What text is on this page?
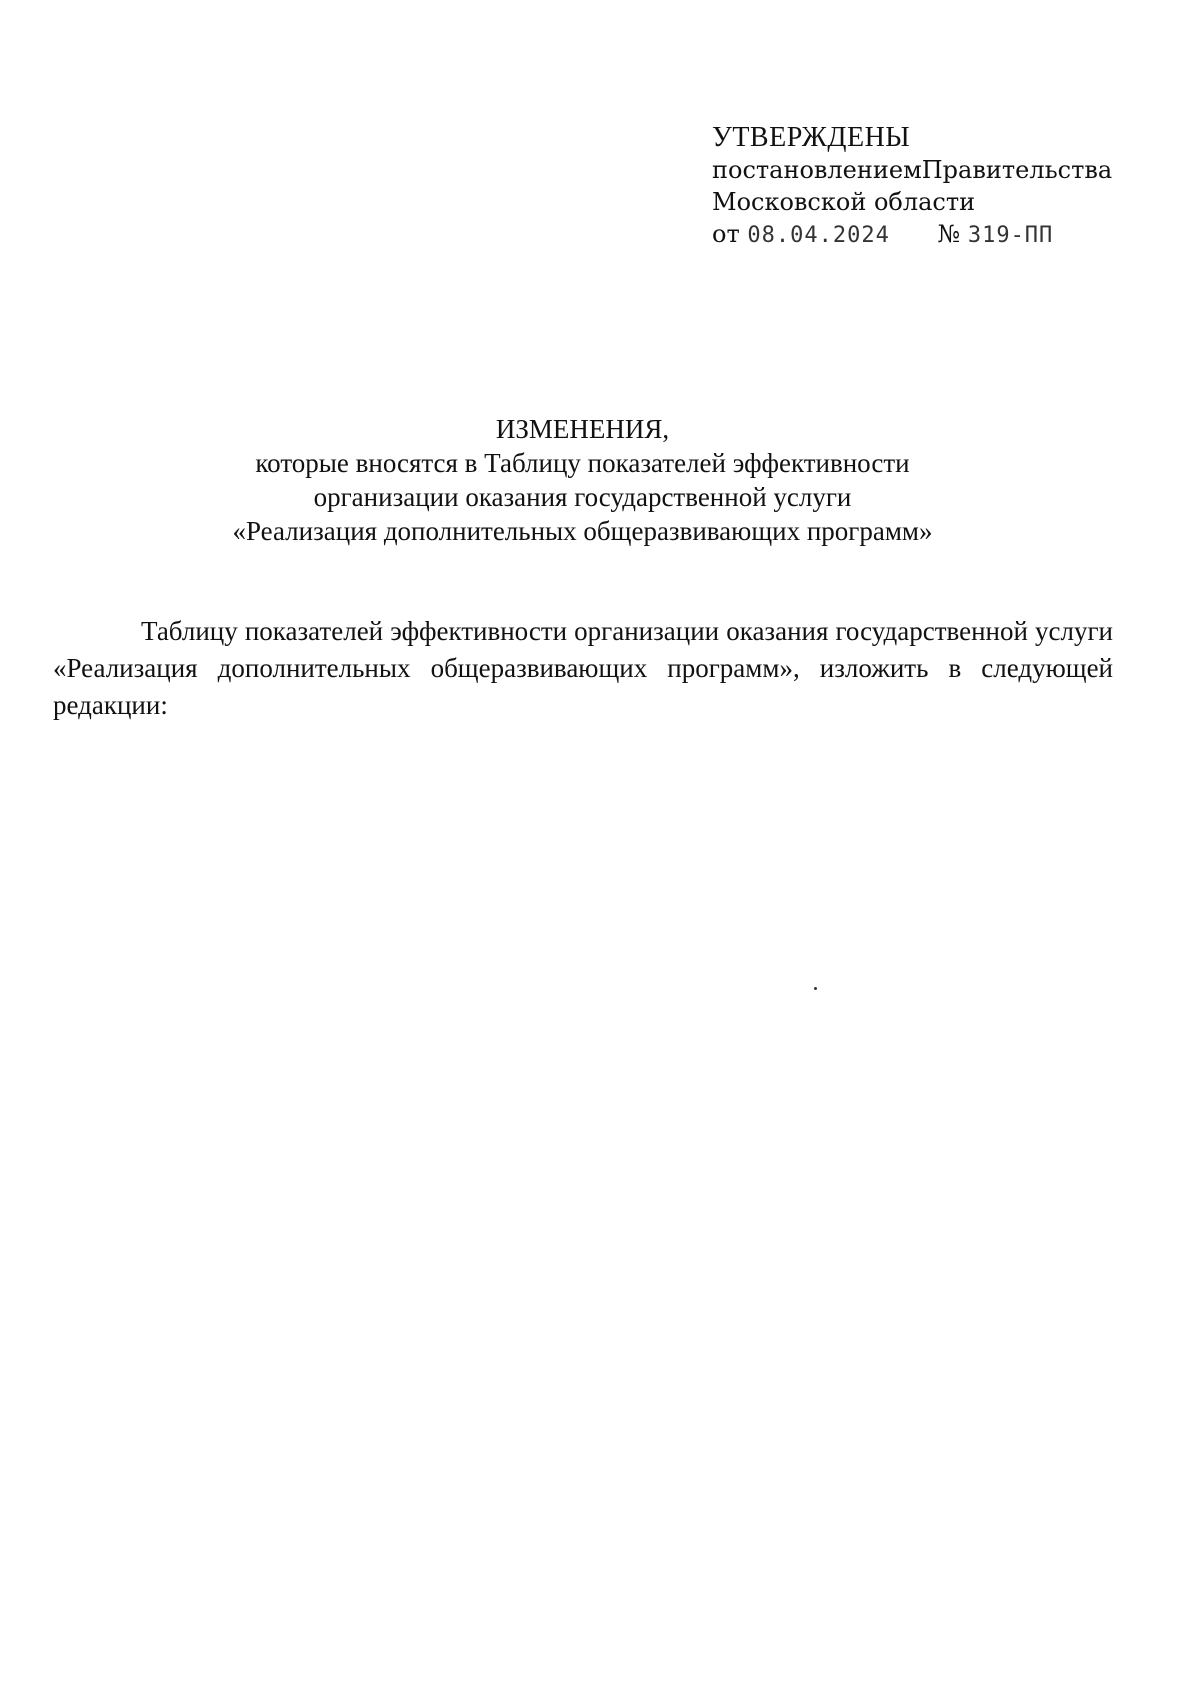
УТВЕРЖДЕНЫ
постановлением Правительства
Московской области
от 08.04.2024 № 319-ПП
ИЗМЕНЕНИЯ,
которые вносятся в Таблицу показателей эффективности
организации оказания государственной услуги
«Реализация дополнительных общеразвивающих программ»

Таблицу показателей эффективности организации оказания государственной услуги «Реализация дополнительных общеразвивающих программ», изложить в следующей редакции:
